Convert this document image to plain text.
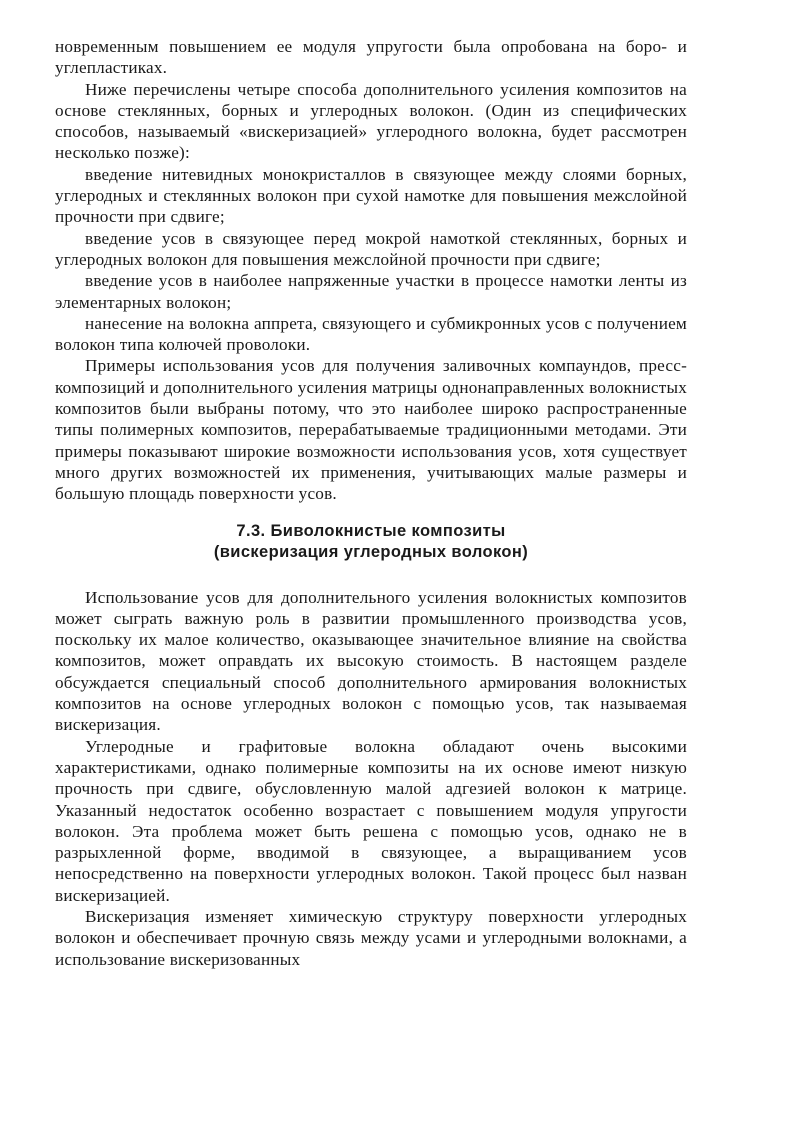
новременным повышением ее модуля упругости была опробована на боро- и углепластиках.

Ниже перечислены четыре способа дополнительного усиления композитов на основе стеклянных, борных и углеродных волокон. (Один из специфических способов, называемый «вискеризацией» углеродного волокна, будет рассмотрен несколько позже):

введение нитевидных монокристаллов в связующее между слоями борных, углеродных и стеклянных волокон при сухой намотке для повышения межслойной прочности при сдвиге;

введение усов в связующее перед мокрой намоткой стеклянных, борных и углеродных волокон для повышения межслойной прочности при сдвиге;

введение усов в наиболее напряженные участки в процессе намотки ленты из элементарных волокон;

нанесение на волокна аппрета, связующего и субмикронных усов с получением волокон типа колючей проволоки.

Примеры использования усов для получения заливочных компаундов, пресс-композиций и дополнительного усиления матрицы однонаправленных волокнистых композитов были выбраны потому, что это наиболее широко распространенные типы полимерных композитов, перерабатываемые традиционными методами. Эти примеры показывают широкие возможности использования усов, хотя существует много других возможностей их применения, учитывающих малые размеры и большую площадь поверхности усов.

7.3. Биволокнистые композиты
(вискеризация углеродных волокон)

Использование усов для дополнительного усиления волокнистых композитов может сыграть важную роль в развитии промышленного производства усов, поскольку их малое количество, оказывающее значительное влияние на свойства композитов, может оправдать их высокую стоимость. В настоящем разделе обсуждается специальный способ дополнительного армирования волокнистых композитов на основе углеродных волокон с помощью усов, так называемая вискеризация.

Углеродные и графитовые волокна обладают очень высокими характеристиками, однако полимерные композиты на их основе имеют низкую прочность при сдвиге, обусловленную малой адгезией волокон к матрице. Указанный недостаток особенно возрастает с повышением модуля упругости волокон. Эта проблема может быть решена с помощью усов, однако не в разрыхленной форме, вводимой в связующее, а выращиванием усов непосредственно на поверхности углеродных волокон. Такой процесс был назван вискеризацией.

Вискеризация изменяет химическую структуру поверхности углеродных волокон и обеспечивает прочную связь между усами и углеродными волокнами, а использование вискеризованных
